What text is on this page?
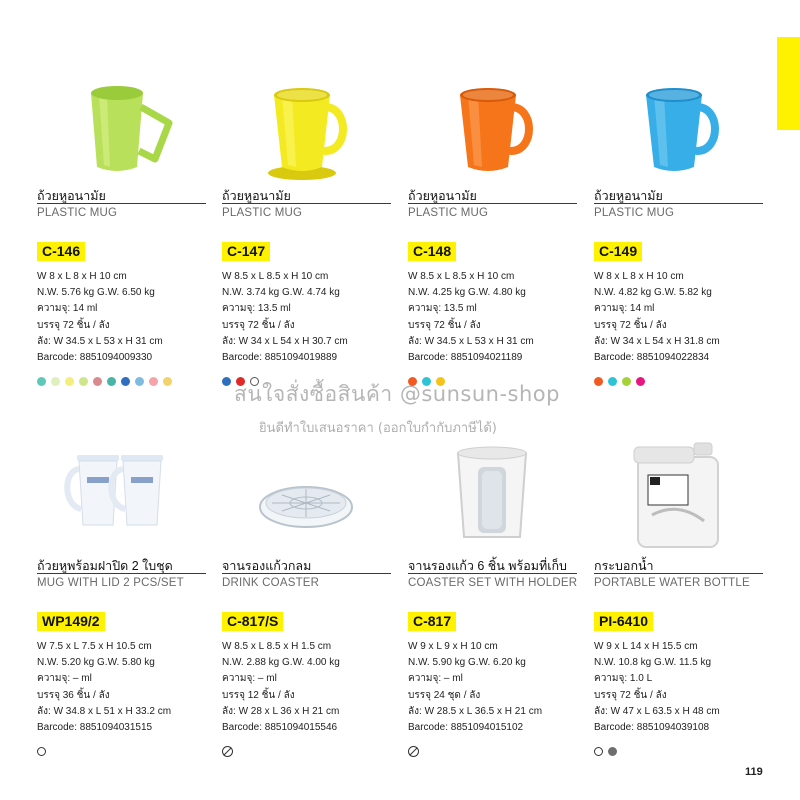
ถ้วยหูอนามัย
PLASTIC MUG
C-146
W 8 x L 8 x H 10 cm
N.W. 5.76 kg G.W. 6.50 kg
ความจุ: 14 ml
บรรจุ 72 ชิ้น / ลัง
ลัง: W 34.5 x L 53 x H 31 cm
Barcode: 8851094009330
ถ้วยหูอนามัย
PLASTIC MUG
C-147
W 8.5 x L 8.5 x H 10 cm
N.W. 3.74 kg G.W. 4.74 kg
ความจุ: 13.5 ml
บรรจุ 72 ชิ้น / ลัง
ลัง: W 34 x L 54 x H 30.7 cm
Barcode: 8851094019889
ถ้วยหูอนามัย
PLASTIC MUG
C-148
W 8.5 x L 8.5 x H 10 cm
N.W. 4.25 kg G.W. 4.80 kg
ความจุ: 13.5 ml
บรรจุ 72 ชิ้น / ลัง
ลัง: W 34.5 x L 53 x H 31 cm
Barcode: 8851094021189
ถ้วยหูอนามัย
PLASTIC MUG
C-149
W 8 x L 8 x H 10 cm
N.W. 4.82 kg G.W. 5.82 kg
ความจุ: 14 ml
บรรจุ 72 ชิ้น / ลัง
ลัง: W 34 x L 54 x H 31.8 cm
Barcode: 8851094022834
ถ้วยหูพร้อมฝาปิด 2 ใบชุด
MUG WITH LID 2 PCS/SET
WP149/2
W 7.5 x L 7.5 x H 10.5 cm
N.W. 5.20 kg G.W. 5.80 kg
ความจุ: – ml
บรรจุ 36 ชิ้น / ลัง
ลัง: W 34.8 x L 51 x H 33.2 cm
Barcode: 8851094031515
จานรองแก้วกลม
DRINK COASTER
C-817/S
W 8.5 x L 8.5 x H 1.5 cm
N.W. 2.88 kg G.W. 4.00 kg
ความจุ: – ml
บรรจุ 12 ชิ้น / ลัง
ลัง: W 28 x L 36 x H 21 cm
Barcode: 8851094015546
จานรองแก้ว 6 ชิ้น พร้อมที่เก็บ
COASTER SET WITH HOLDER
C-817
W 9 x L 9 x H 10 cm
N.W. 5.90 kg G.W. 6.20 kg
ความจุ: – ml
บรรจุ 24 ชุด / ลัง
ลัง: W 28.5 x L 36.5 x H 21 cm
Barcode: 8851094015102
กระบอกน้ำ
PORTABLE WATER BOTTLE
PI-6410
W 9 x L 14 x H 15.5 cm
N.W. 10.8 kg G.W. 11.5 kg
ความจุ: 1.0 L
บรรจุ 72 ชิ้น / ลัง
ลัง: W 47 x L 63.5 x H 48 cm
Barcode: 8851094039108
สนใจสั่งซื้อสินค้า @sunsun-shop
ยินดีทำใบเสนอราคา (ออกใบกำกับภาษีได้)
119
